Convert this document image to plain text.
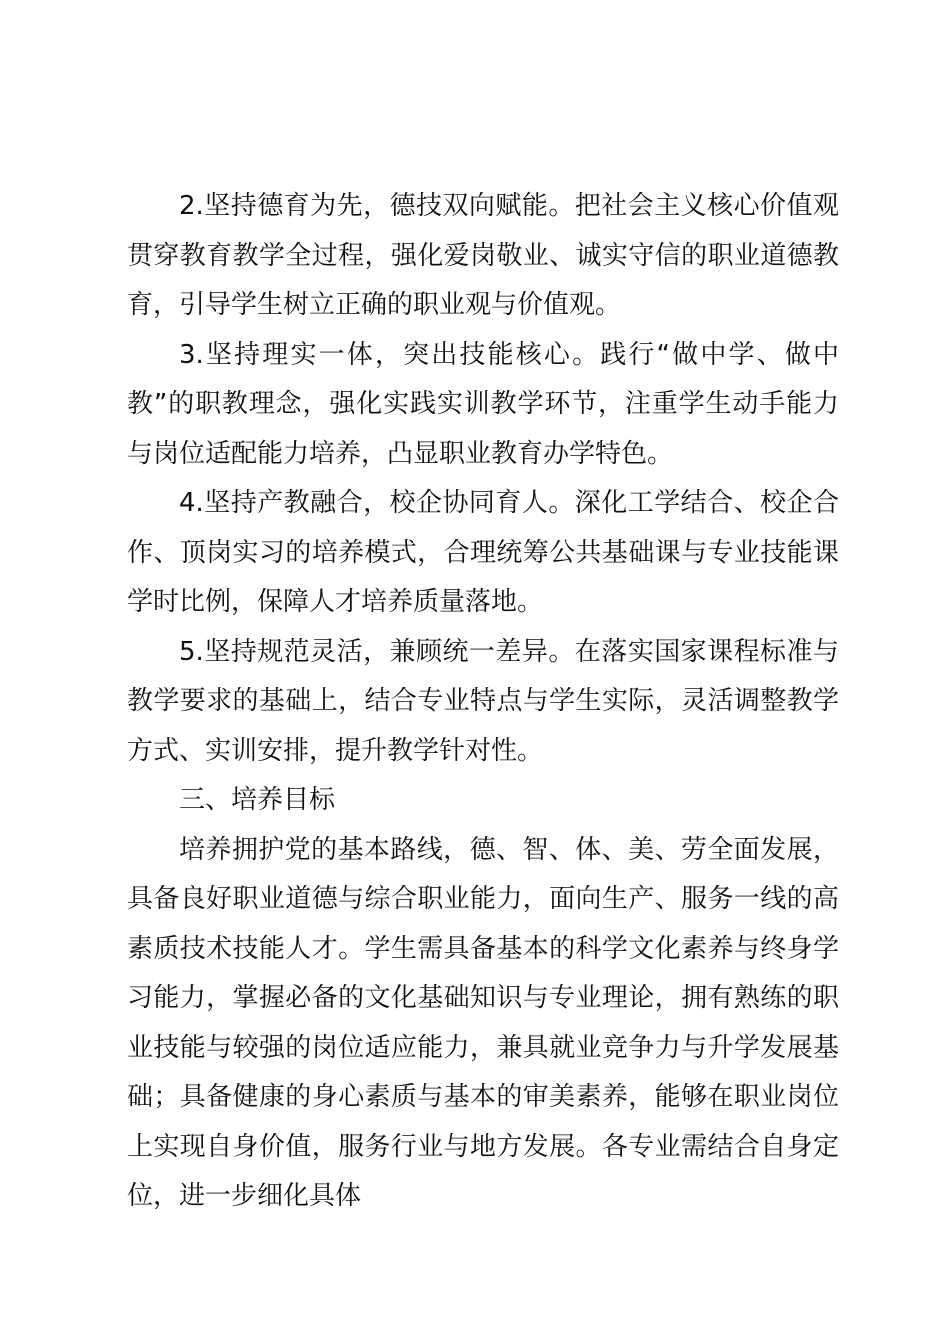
2.坚持德育为先，德技双向赋能。把社会主义核心价值观贯穿教育教学全过程，强化爱岗敬业、诚实守信的职业道德教育，引导学生树立正确的职业观与价值观。

3.坚持理实一体，突出技能核心。践行“做中学、做中教”的职教理念，强化实践实训教学环节，注重学生动手能力与岗位适配能力培养，凸显职业教育办学特色。

4.坚持产教融合，校企协同育人。深化工学结合、校企合作、顶岗实习的培养模式，合理统筹公共基础课与专业技能课学时比例，保障人才培养质量落地。

5.坚持规范灵活，兼顾统一差异。在落实国家课程标准与教学要求的基础上，结合专业特点与学生实际，灵活调整教学方式、实训安排，提升教学针对性。

三、培养目标

培养拥护党的基本路线，德、智、体、美、劳全面发展，具备良好职业道德与综合职业能力，面向生产、服务一线的高素质技术技能人才。学生需具备基本的科学文化素养与终身学习能力，掌握必备的文化基础知识与专业理论，拥有熟练的职业技能与较强的岗位适应能力，兼具就业竞争力与升学发展基础；具备健康的身心素质与基本的审美素养，能够在职业岗位上实现自身价值，服务行业与地方发展。各专业需结合自身定位，进一步细化具体
